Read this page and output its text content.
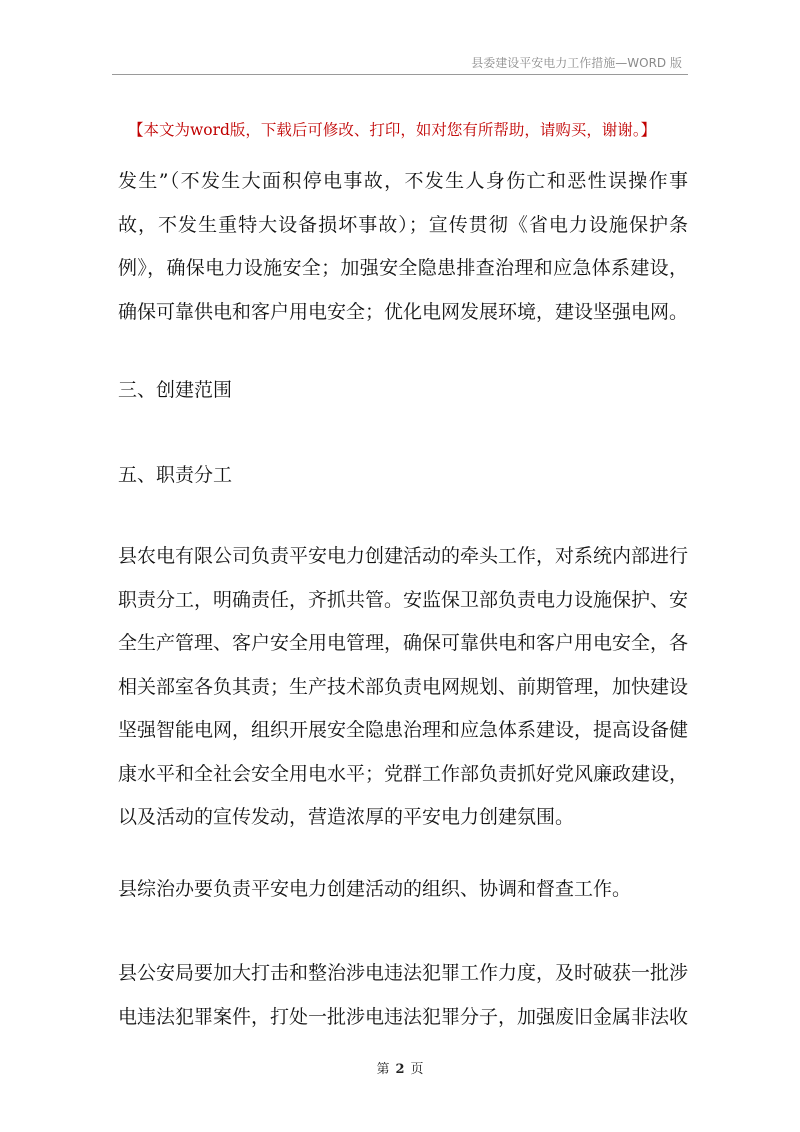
县委建设平安电力工作措施—WORD 版
【本文为word版，下载后可修改、打印，如对您有所帮助，请购买，谢谢。】

发生”（不发生大面积停电事故，不发生人身伤亡和恶性误操作事故，不发生重特大设备损坏事故）；宣传贯彻《省电力设施保护条例》，确保电力设施安全；加强安全隐患排查治理和应急体系建设，确保可靠供电和客户用电安全；优化电网发展环境，建设坚强电网。

三、创建范围

五、职责分工

县农电有限公司负责平安电力创建活动的牵头工作，对系统内部进行职责分工，明确责任，齐抓共管。安监保卫部负责电力设施保护、安全生产管理、客户安全用电管理，确保可靠供电和客户用电安全，各相关部室各负其责；生产技术部负责电网规划、前期管理，加快建设坚强智能电网，组织开展安全隐患治理和应急体系建设，提高设备健康水平和全社会安全用电水平；党群工作部负责抓好党风廉政建设，以及活动的宣传发动，营造浓厚的平安电力创建氛围。

县综治办要负责平安电力创建活动的组织、协调和督查工作。

县公安局要加大打击和整治涉电违法犯罪工作力度，及时破获一批涉电违法犯罪案件，打处一批涉电违法犯罪分子，加强废旧金属非法收

第 2 页
